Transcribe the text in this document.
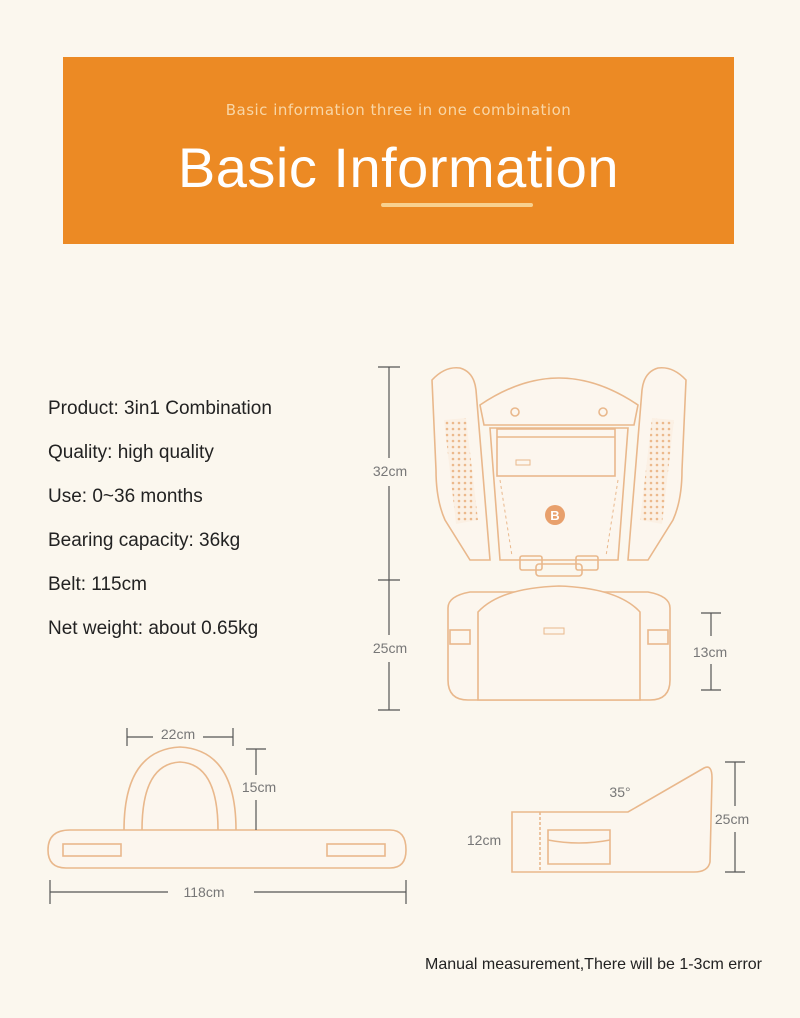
Basic information three in one combination
Basic Information
Product: 3in1 Combination
Quality: high quality
Use: 0~36 months
Bearing capacity: 36kg
Belt: 115cm
Net weight: about 0.65kg
B
32cm
25cm	13cm
22cm
15cm
118cm
35°
12cm
25cm
Manual measurement,There will be 1-3cm error
